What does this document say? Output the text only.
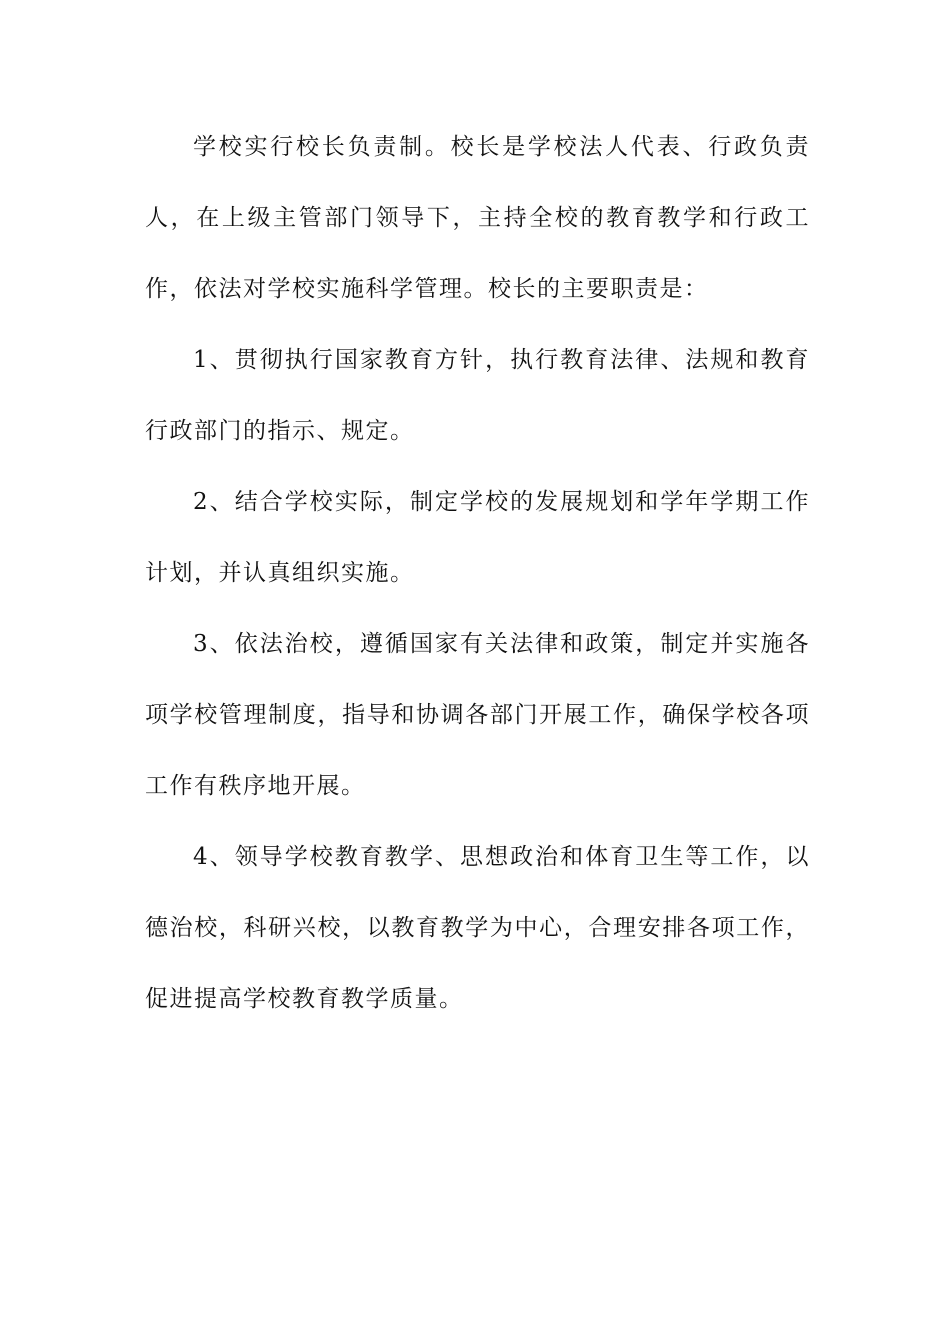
学校实行校长负责制。校长是学校法人代表、行政负责人，在上级主管部门领导下，主持全校的教育教学和行政工作，依法对学校实施科学管理。校长的主要职责是：

1、贯彻执行国家教育方针，执行教育法律、法规和教育行政部门的指示、规定。

2、结合学校实际，制定学校的发展规划和学年学期工作计划，并认真组织实施。

3、依法治校，遵循国家有关法律和政策，制定并实施各项学校管理制度，指导和协调各部门开展工作，确保学校各项工作有秩序地开展。

4、领导学校教育教学、思想政治和体育卫生等工作，以德治校，科研兴校，以教育教学为中心，合理安排各项工作，促进提高学校教育教学质量。
